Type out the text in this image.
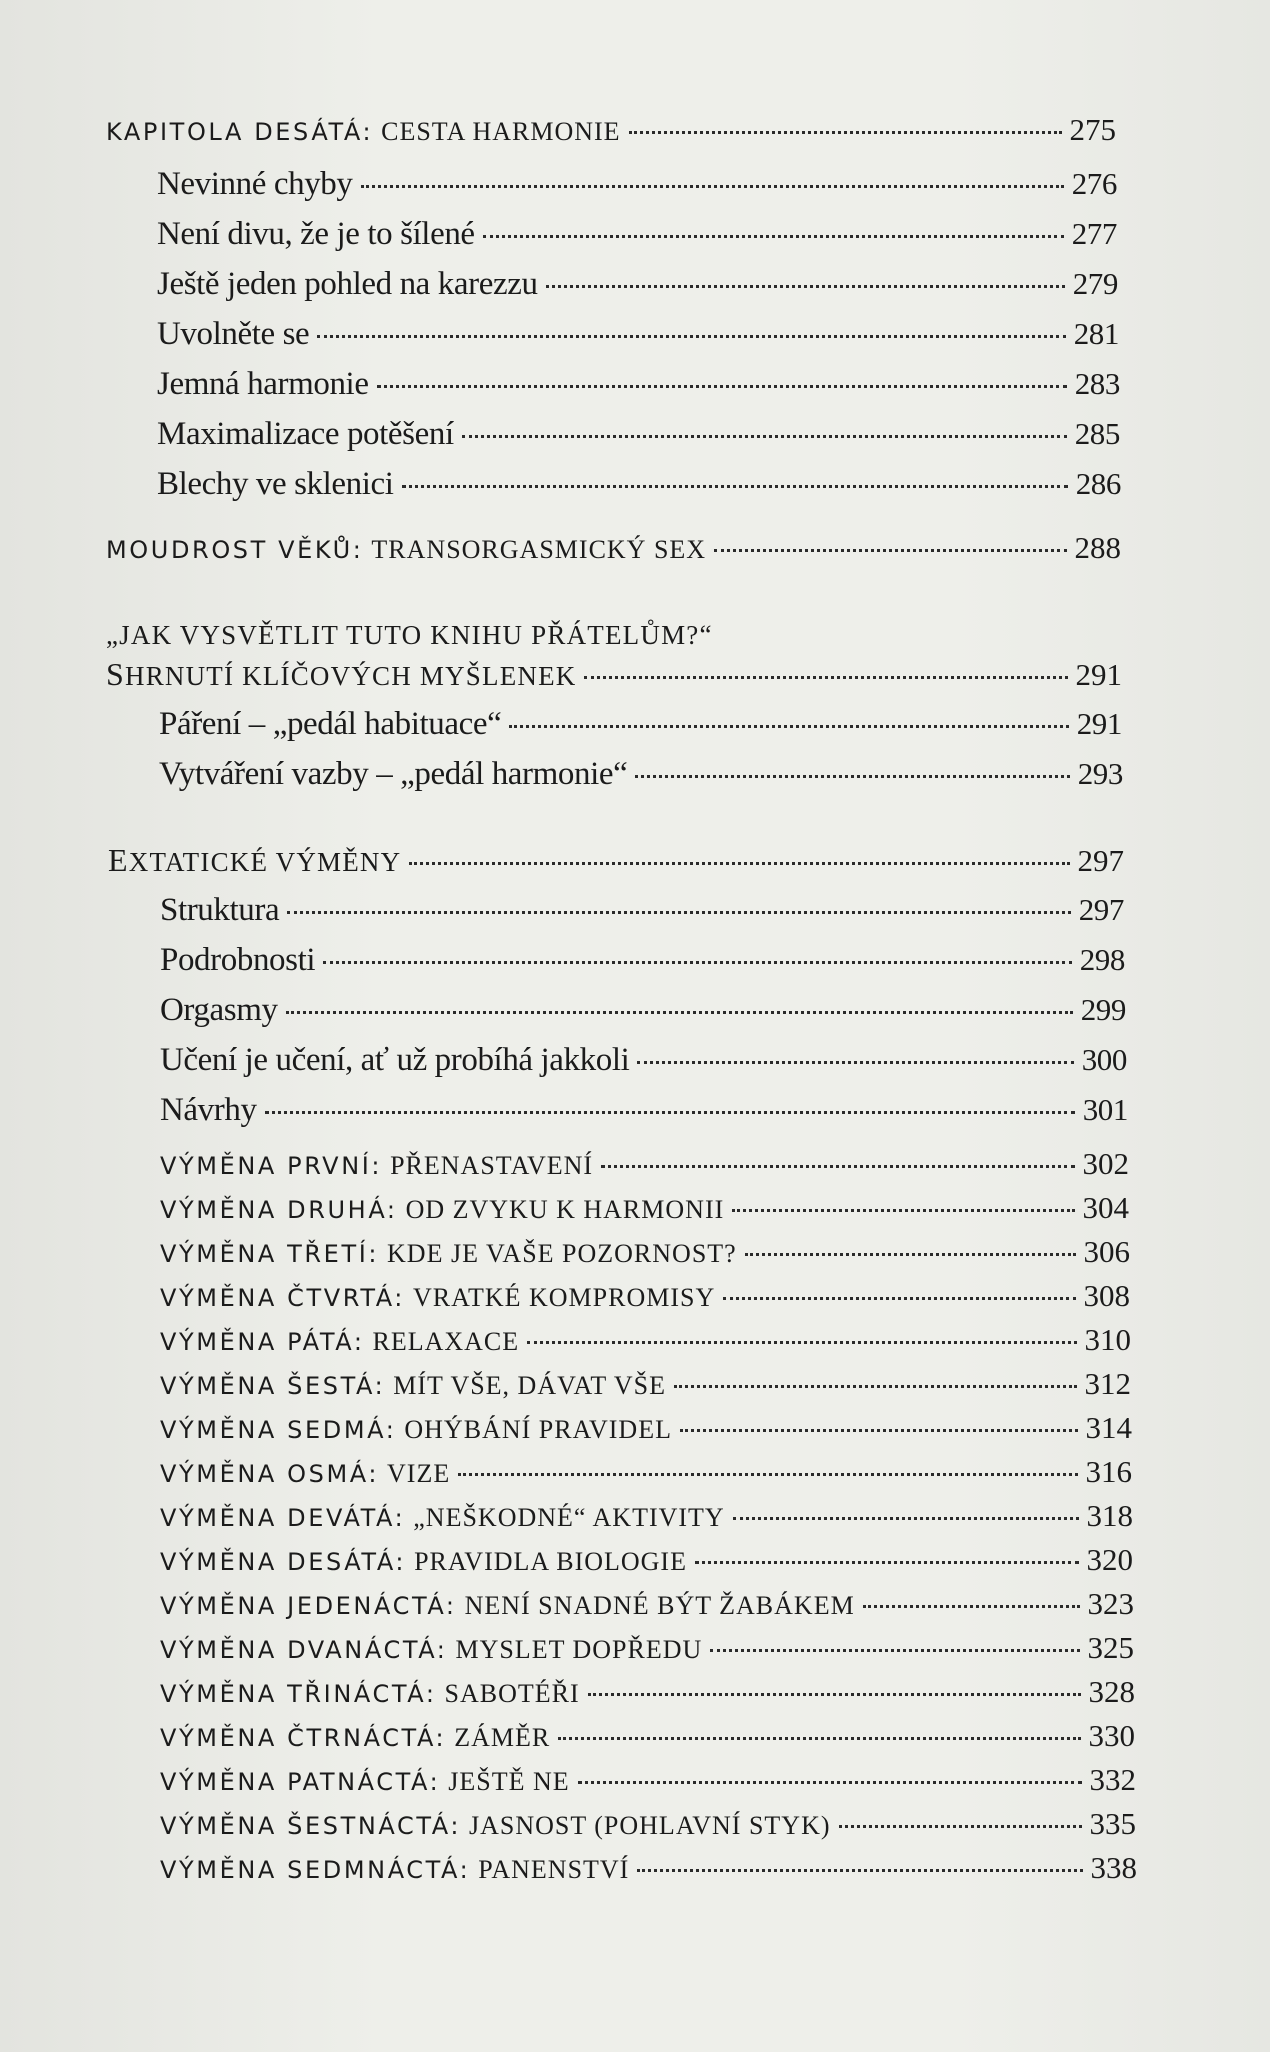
KAPITOLA DESÁTÁ: CESTA HARMONIE	275
Nevinné chyby	276
Není divu, že je to šílené	277
Ještě jeden pohled na karezzu	279
Uvolněte se	281
Jemná harmonie	283
Maximalizace potěšení	285
Blechy ve sklenici	286
MOUDROST VĚKŮ: TRANSORGASMICKÝ SEX	288
„JAK VYSVĚTLIT TUTO KNIHU PŘÁTELŮM?“
SHRNUTÍ KLÍČOVÝCH MYŠLENEK	291
Páření – „pedál habituace“	291
Vytváření vazby – „pedál harmonie“	293
EXTATICKÉ VÝMĚNY	297
Struktura	297
Podrobnosti	298
Orgasmy	299
Učení je učení, ať už probíhá jakkoli	300
Návrhy	301
VÝMĚNA PRVNÍ: PŘENASTAVENÍ	302
VÝMĚNA DRUHÁ: OD ZVYKU K HARMONII	304
VÝMĚNA TŘETÍ: KDE JE VAŠE POZORNOST?	306
VÝMĚNA ČTVRTÁ: VRATKÉ KOMPROMISY	308
VÝMĚNA PÁTÁ: RELAXACE	310
VÝMĚNA ŠESTÁ: MÍT VŠE, DÁVAT VŠE	312
VÝMĚNA SEDMÁ: OHÝBÁNÍ PRAVIDEL	314
VÝMĚNA OSMÁ: VIZE	316
VÝMĚNA DEVÁTÁ: „NEŠKODNÉ“ AKTIVITY	318
VÝMĚNA DESÁTÁ: PRAVIDLA BIOLOGIE	320
VÝMĚNA JEDENÁCTÁ: NENÍ SNADNÉ BÝT ŽABÁKEM	323
VÝMĚNA DVANÁCTÁ: MYSLET DOPŘEDU	325
VÝMĚNA TŘINÁCTÁ: SABOTÉŘI	328
VÝMĚNA ČTRNÁCTÁ: ZÁMĚR	330
VÝMĚNA PATNÁCTÁ: JEŠTĚ NE	332
VÝMĚNA ŠESTNÁCTÁ: JASNOST (POHLAVNÍ STYK)	335
VÝMĚNA SEDMNÁCTÁ: PANENSTVÍ	338
